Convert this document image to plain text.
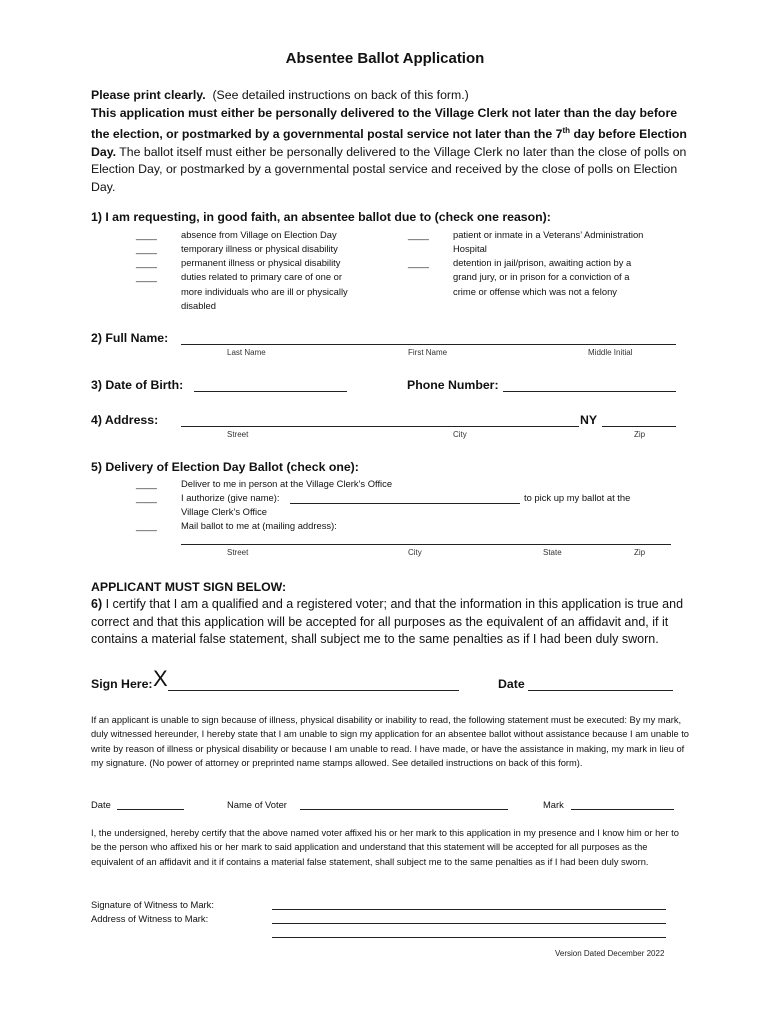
Absentee Ballot Application
Please print clearly. (See detailed instructions on back of this form.)
This application must either be personally delivered to the Village Clerk not later than the day before the election, or postmarked by a governmental postal service not later than the 7th day before Election Day. The ballot itself must either be personally delivered to the Village Clerk no later than the close of polls on Election Day, or postmarked by a governmental postal service and received by the close of polls on Election Day.
1) I am requesting, in good faith, an absentee ballot due to (check one reason):
____
____
____
____
absence from Village on Election Day
temporary illness or physical disability
permanent illness or physical disability
duties related to primary care of one or
more individuals who are ill or physically
disabled
____
____
patient or inmate in a Veterans’ Administration
Hospital
detention in jail/prison, awaiting action by a
grand jury, or in prison for a conviction of a
crime or offense which was not a felony
2) Full Name:
Last Name	First Name	Middle Initial
3) Date of Birth:	Phone Number:
4) Address:	NY
Street	City	Zip
5) Delivery of Election Day Ballot (check one):
____	Deliver to me in person at the Village Clerk’s Office
____	I authorize (give name):	to pick up my ballot at the
Village Clerk’s Office
____	Mail ballot to me at (mailing address):
Street	City	State	Zip
APPLICANT MUST SIGN BELOW:
6) I certify that I am a qualified and a registered voter; and that the information in this application is true and correct and that this application will be accepted for all purposes as the equivalent of an affidavit and, if it contains a material false statement, shall subject me to the same penalties as if I had been duly sworn.
Sign Here: X	Date
If an applicant is unable to sign because of illness, physical disability or inability to read, the following statement must be executed: By my mark, duly witnessed hereunder, I hereby state that I am unable to sign my application for an absentee ballot without assistance because I am unable to write by reason of illness or physical disability or because I am unable to read. I have made, or have the assistance in making, my mark in lieu of my signature. (No power of attorney or preprinted name stamps allowed. See detailed instructions on back of this form).
Date	Name of Voter	Mark
I, the undersigned, hereby certify that the above named voter affixed his or her mark to this application in my presence and I know him or her to be the person who affixed his or her mark to said application and understand that this statement will be accepted for all purposes as the equivalent of an affidavit and it if contains a material false statement, shall subject me to the same penalties as if I had been duly sworn.
Signature of Witness to Mark:
Address of Witness to Mark:
Version Dated December 2022
